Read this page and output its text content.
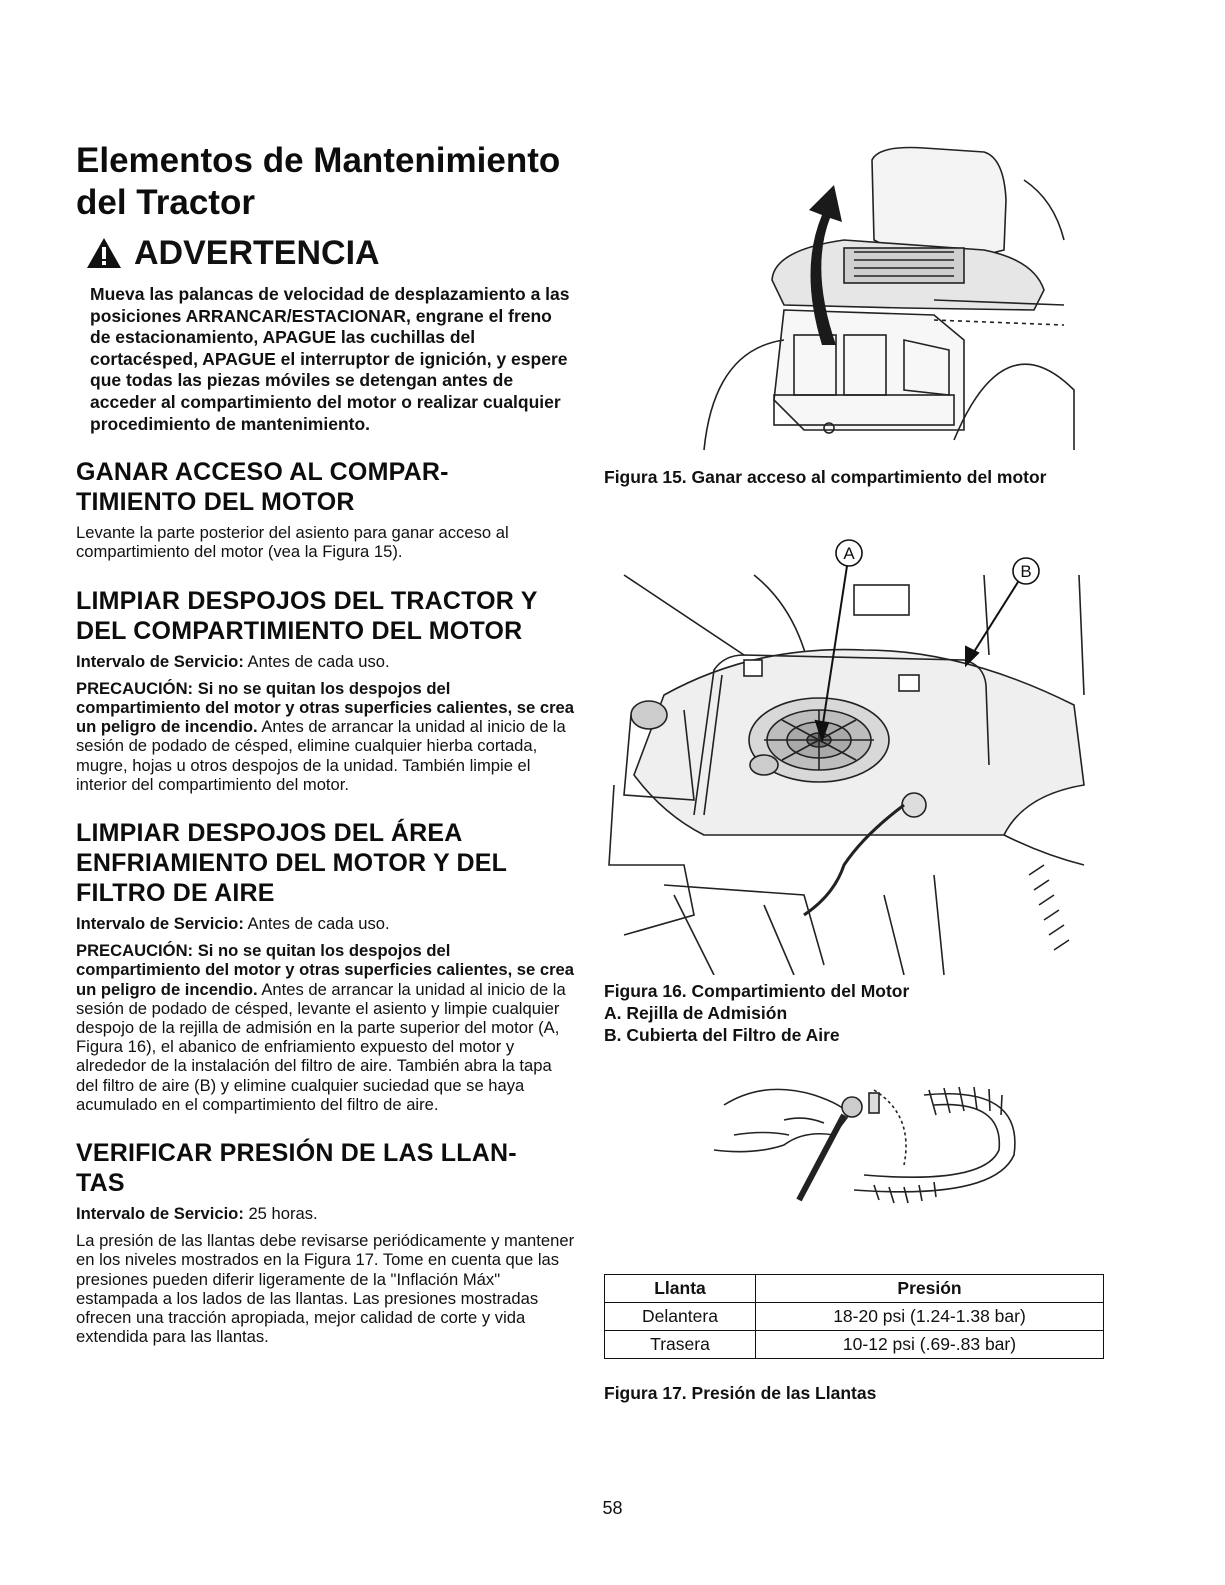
Elementos de Mantenimiento
del Tractor
ADVERTENCIA
Mueva las palancas de velocidad de desplazamiento a las posiciones ARRANCAR/ESTACIONAR, engrane el freno de estacionamiento, APAGUE las cuchillas del cortacésped, APAGUE el interruptor de ignición, y espere que todas las piezas móviles se detengan antes de acceder al compartimiento del motor o realizar cualquier procedimiento de mantenimiento.
GANAR ACCESO AL COMPAR-
TIMIENTO DEL MOTOR

Levante la parte posterior del asiento para ganar acceso al compartimiento del motor (vea la Figura 15).

LIMPIAR DESPOJOS DEL TRACTOR Y
DEL COMPARTIMIENTO DEL MOTOR

Intervalo de Servicio: Antes de cada uso.

PRECAUCIÓN: Si no se quitan los despojos del compartimiento del motor y otras superficies calientes, se crea un peligro de incendio. Antes de arrancar la unidad al inicio de la sesión de podado de césped, elimine cualquier hierba cortada, mugre, hojas u otros despojos de la unidad. También limpie el interior del compartimiento del motor.

LIMPIAR DESPOJOS DEL ÁREA
ENFRIAMIENTO DEL MOTOR Y DEL
FILTRO DE AIRE

Intervalo de Servicio: Antes de cada uso.

PRECAUCIÓN: Si no se quitan los despojos del compartimiento del motor y otras superficies calientes, se crea un peligro de incendio. Antes de arrancar la unidad al inicio de la sesión de podado de césped, levante el asiento y limpie cualquier despojo de la rejilla de admisión en la parte superior del motor (A, Figura 16), el abanico de enfriamiento expuesto del motor y alrededor de la instalación del filtro de aire. También abra la tapa del filtro de aire (B) y elimine cualquier suciedad que se haya acumulado en el compartimiento del filtro de aire.

VERIFICAR PRESIÓN DE LAS LLAN-
TAS

Intervalo de Servicio: 25 horas.

La presión de las llantas debe revisarse periódicamente y mantener en los niveles mostrados en la Figura 17. Tome en cuenta que las presiones pueden diferir ligeramente de la "Inflación Máx" estampada a los lados de las llantas. Las presiones mostradas ofrecen una tracción apropiada, mejor calidad de corte y vida extendida para las llantas.

Figura 15. Ganar acceso al compartimiento del motor
A
B
Figura 16. Compartimiento del Motor
A. Rejilla de Admisión
B. Cubierta del Filtro de Aire
Llanta	Presión
Delantera	18-20 psi (1.24-1.38 bar)
Trasera	10-12 psi (.69-.83 bar)
Figura 17. Presión de las Llantas
58
